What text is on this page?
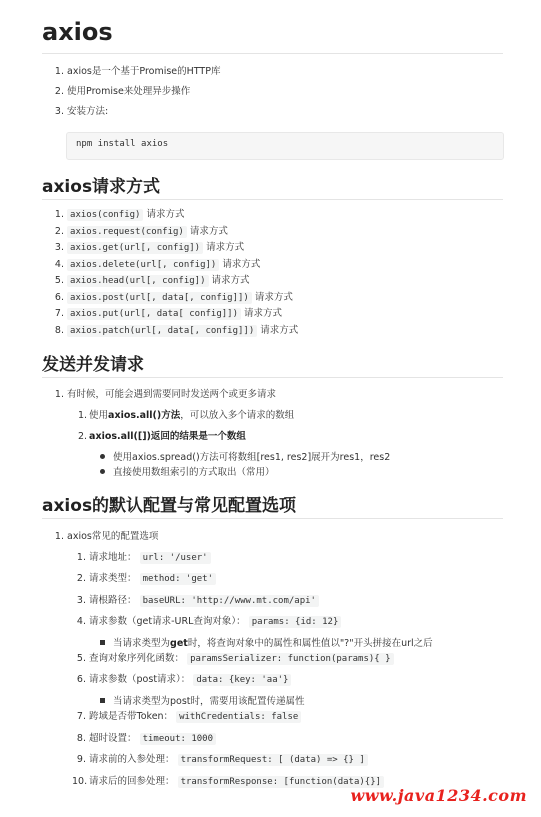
axios
1. axios是一个基于Promise的HTTP库
2. 使用Promise来处理异步操作
3. 安装方法:
npm install axios
axios请求方式
1. axios(config) 请求方式
2. axios.request(config) 请求方式
3. axios.get(url[, config]) 请求方式
4. axios.delete(url[, config]) 请求方式
5. axios.head(url[, config]) 请求方式
6. axios.post(url[, data[, config]]) 请求方式
7. axios.put(url[, data[ config]]) 请求方式
8. axios.patch(url[, data[, config]]) 请求方式
发送并发请求
1. 有时候，可能会遇到需要同时发送两个或更多请求
1. 使用axios.all()方法，可以放入多个请求的数组
2. axios.all([])返回的结果是一个数组
使用axios.spread()方法可将数组[res1, res2]展开为res1，res2
直接使用数组索引的方式取出（常用）
axios的默认配置与常见配置选项
1. axios常见的配置选项
1. 请求地址： url: '/user'
2. 请求类型： method: 'get'
3. 请根路径： baseURL: 'http://www.mt.com/api'
4. 请求参数（get请求-URL查询对象）： params: {id: 12}
当请求类型为get时，将查询对象中的属性和属性值以"?"开头拼接在url之后
5. 查询对象序列化函数： paramsSerializer: function(params){ }
6. 请求参数（post请求）： data: {key: 'aa'}
当请求类型为post时，需要用该配置传递属性
7. 跨域是否带Token： withCredentials: false
8. 超时设置： timeout: 1000
9. 请求前的入参处理： transformRequest: [ (data) => {} ]
10. 请求后的回参处理： transformResponse: [function(data){}]
www.java1234.com
